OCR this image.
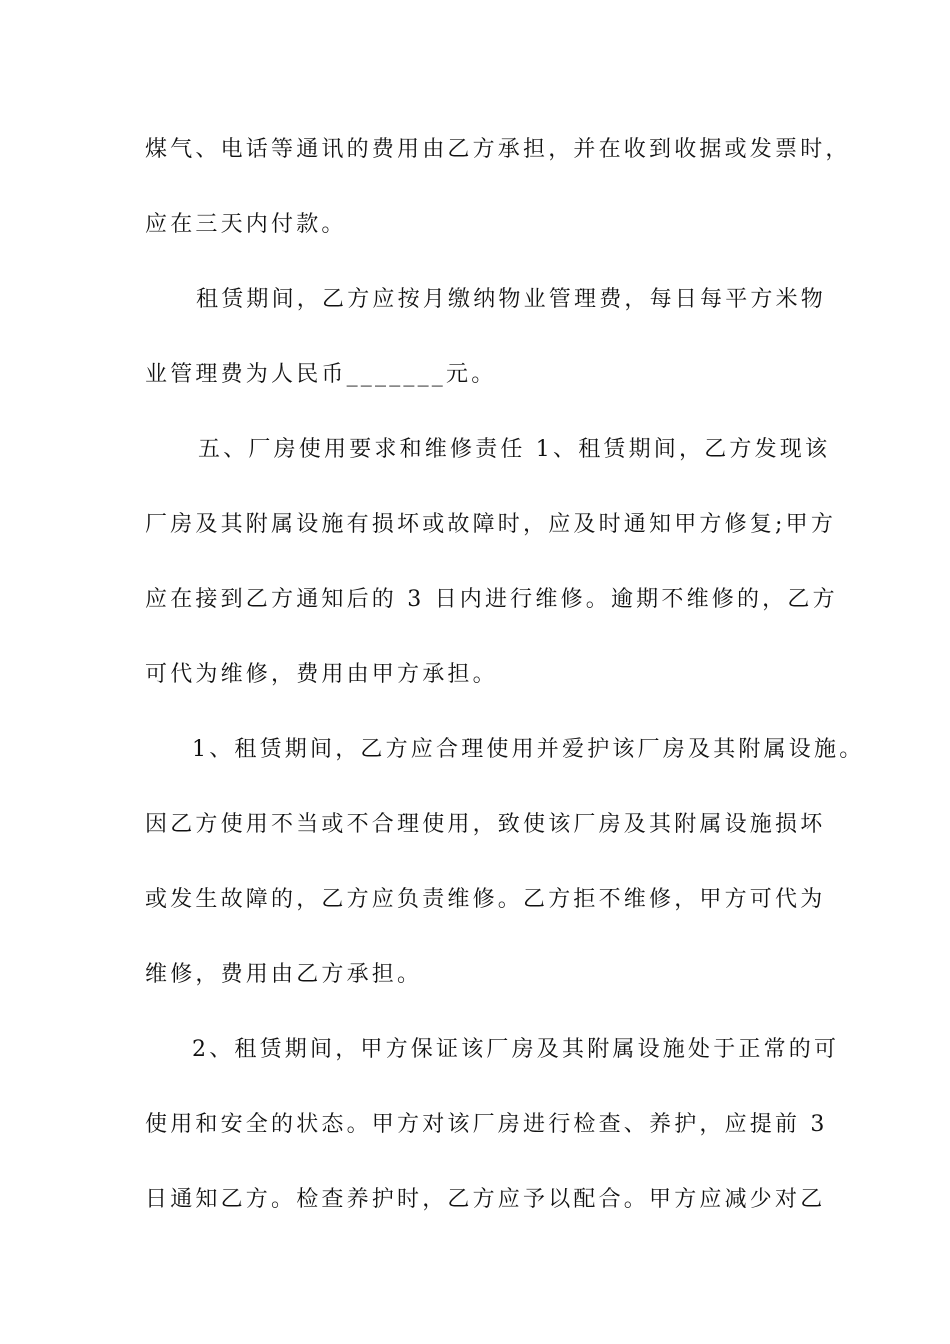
煤气、电话等通讯的费用由乙方承担，并在收到收据或发票时，
应在三天内付款。
租赁期间，乙方应按月缴纳物业管理费，每日每平方米物
业管理费为人民币_______元。
五、厂房使用要求和维修责任 1、租赁期间，乙方发现该
厂房及其附属设施有损坏或故障时，应及时通知甲方修复;甲方
应在接到乙方通知后的 3 日内进行维修。逾期不维修的，乙方
可代为维修，费用由甲方承担。
1、租赁期间，乙方应合理使用并爱护该厂房及其附属设施。
因乙方使用不当或不合理使用，致使该厂房及其附属设施损坏
或发生故障的，乙方应负责维修。乙方拒不维修，甲方可代为
维修，费用由乙方承担。
2、租赁期间，甲方保证该厂房及其附属设施处于正常的可
使用和安全的状态。甲方对该厂房进行检查、养护，应提前 3
日通知乙方。检查养护时，乙方应予以配合。甲方应减少对乙
